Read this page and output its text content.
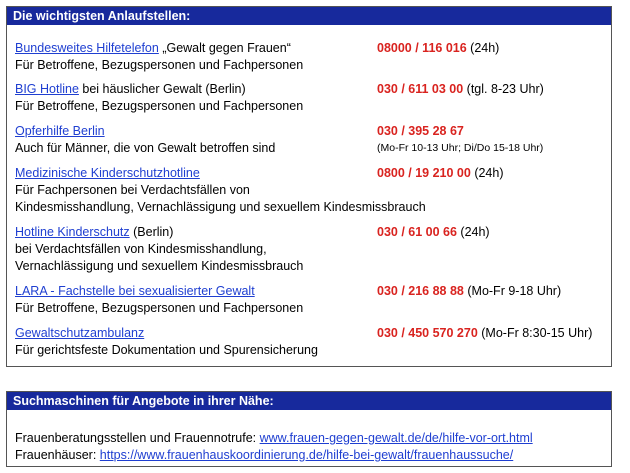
Die wichtigsten Anlaufstellen:
Bundesweites Hilfetelefon „Gewalt gegen Frauen“	08000 / 116 016 (24h)
Für Betroffene, Bezugspersonen und Fachpersonen
BIG Hotline bei häuslicher Gewalt (Berlin)	030 / 611 03 00 (tgl. 8-23 Uhr)
Für Betroffene, Bezugspersonen und Fachpersonen
Opferhilfe Berlin	030 / 395 28 67
Auch für Männer, die von Gewalt betroffen sind	(Mo-Fr 10-13 Uhr; Di/Do 15-18 Uhr)
Medizinische Kinderschutzhotline	0800 / 19 210 00 (24h)
Für Fachpersonen bei Verdachtsfällen von
Kindesmisshandlung, Vernachlässigung und sexuellem Kindesmissbrauch
Hotline Kinderschutz (Berlin)	030 / 61 00 66 (24h)
bei Verdachtsfällen von Kindesmisshandlung,
Vernachlässigung und sexuellem Kindesmissbrauch
LARA - Fachstelle bei sexualisierter Gewalt	030 / 216 88 88 (Mo-Fr 9-18 Uhr)
Für Betroffene, Bezugspersonen und Fachpersonen
Gewaltschutzambulanz	030 / 450 570 270 (Mo-Fr 8:30-15 Uhr)
Für gerichtsfeste Dokumentation und Spurensicherung
Suchmaschinen für Angebote in ihrer Nähe:
Frauenberatungsstellen und Frauennotrufe: www.frauen-gegen-gewalt.de/de/hilfe-vor-ort.html
Frauenhäuser: https://www.frauenhauskoordinierung.de/hilfe-bei-gewalt/frauenhaussuche/
